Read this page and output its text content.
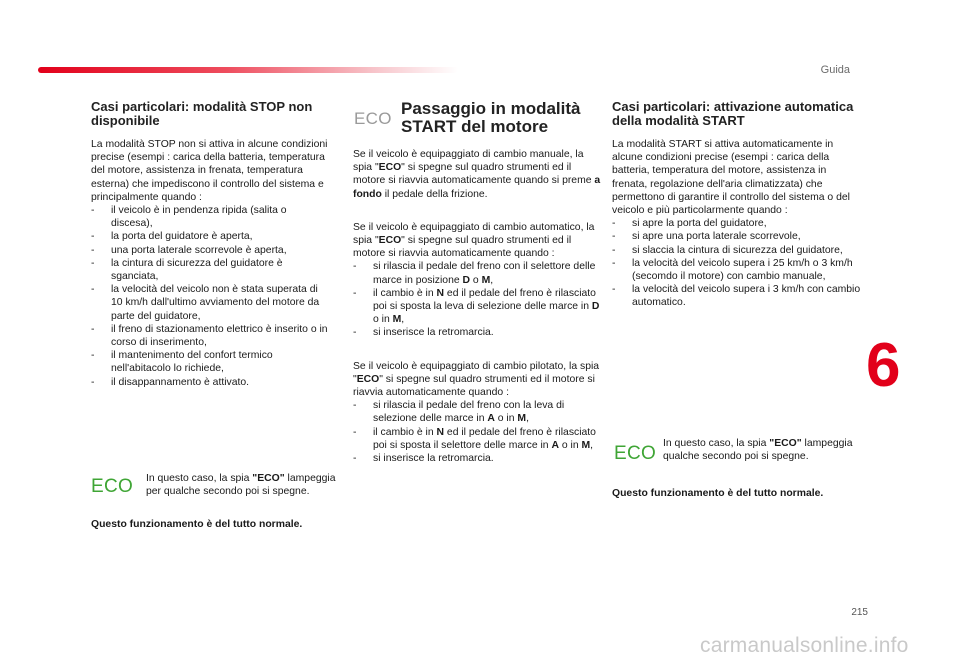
Guida
6
Casi particolari: modalità STOP non disponibile

La modalità STOP non si attiva in alcune condizioni precise (esempi : carica della batteria, temperatura del motore, assistenza in frenata, temperatura esterna) che impediscono il controllo del sistema e principalmente quando :

- il veicolo è in pendenza ripida (salita o discesa),
- la porta del guidatore è aperta,
- una porta laterale scorrevole è aperta,
- la cintura di sicurezza del guidatore è sganciata,
- la velocità del veicolo non è stata superata di 10 km/h dall'ultimo avviamento del motore da parte del guidatore,
- il freno di stazionamento elettrico è inserito o in corso di inserimento,
- il mantenimento del confort termico nell'abitacolo lo richiede,
- il disappannamento è attivato.
ECO In questo caso, la spia "ECO" lampeggia per qualche secondo poi si spegne.
Questo funzionamento è del tutto normale.
ECO
Passaggio in modalità START del motore

Se il veicolo è equipaggiato di cambio manuale, la spia "ECO" si spegne sul quadro strumenti ed il motore si riavvia automaticamente quando si preme a fondo il pedale della frizione.

Se il veicolo è equipaggiato di cambio automatico, la spia "ECO" si spegne sul quadro strumenti ed il motore si riavvia automaticamente quando :

- si rilascia il pedale del freno con il selettore delle marce in posizione D o M,
- il cambio è in N ed il pedale del freno è rilasciato poi si sposta la leva di selezione delle marce in D o in M,
- si inserisce la retromarcia.

Se il veicolo è equipaggiato di cambio pilotato, la spia "ECO" si spegne sul quadro strumenti ed il motore si riavvia automaticamente quando :

- si rilascia il pedale del freno con la leva di selezione delle marce in A o in M,
- il cambio è in N ed il pedale del freno è rilasciato poi si sposta il selettore delle marce in A o in M,
- si inserisce la retromarcia.
Casi particolari: attivazione automatica della modalità START

La modalità START si attiva automaticamente in alcune condizioni precise (esempi : carica della batteria, temperatura del motore, assistenza in frenata, regolazione dell'aria climatizzata) che permettono di garantire il controllo del sistema o del veicolo e più particolarmente quando :

- si apre la porta del guidatore,
- si apre una porta laterale scorrevole,
- si slaccia la cintura di sicurezza del guidatore,
- la velocità del veicolo supera i 25 km/h o 3 km/h (secomdo il motore) con cambio manuale,
- la velocità del veicolo supera i 3 km/h con cambio automatico.
ECO In questo caso, la spia "ECO" lampeggia qualche secondo poi si spegne.
Questo funzionamento è del tutto normale.
215
carmanualsonline.info
